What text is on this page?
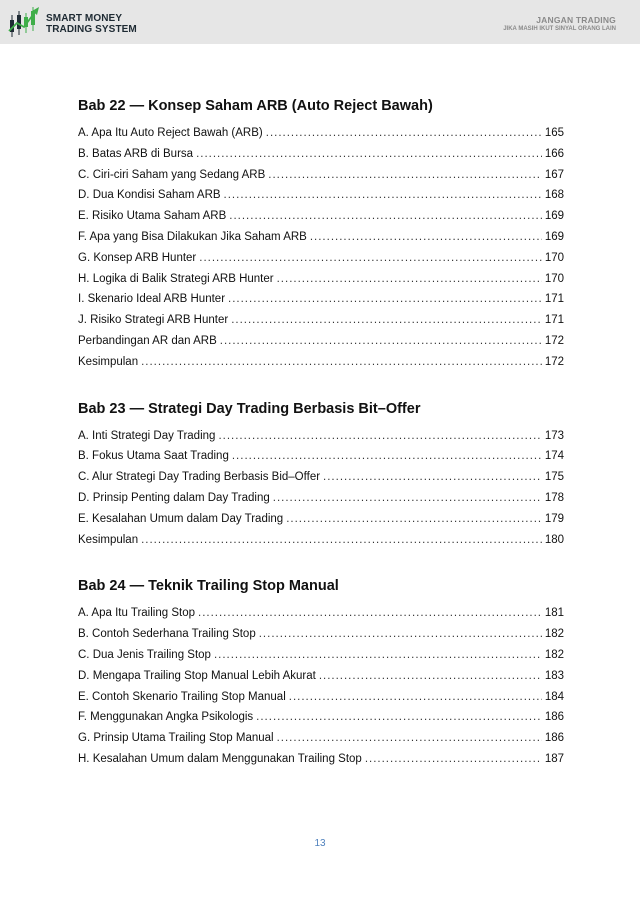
SMART MONEY
TRADING SYSTEM
JANGAN TRADING
JIKA MASIH IKUT SINYAL ORANG LAIN
Bab 22 — Konsep Saham ARB (Auto Reject Bawah)
A. Apa Itu Auto Reject Bawah (ARB) .....	165
B. Batas ARB di Bursa .....	166
C. Ciri-ciri Saham yang Sedang ARB .....	167
D. Dua Kondisi Saham ARB .....	168
E. Risiko Utama Saham ARB .....	169
F. Apa yang Bisa Dilakukan Jika Saham ARB .....	169
G. Konsep ARB Hunter .....	170
H. Logika di Balik Strategi ARB Hunter .....	170
I. Skenario Ideal ARB Hunter .....	171
J. Risiko Strategi ARB Hunter .....	171
Perbandingan AR dan ARB .....	172
Kesimpulan .....	172
Bab 23 — Strategi Day Trading Berbasis Bit–Offer
A. Inti Strategi Day Trading .....	173
B. Fokus Utama Saat Trading .....	174
C. Alur Strategi Day Trading Berbasis Bid–Offer .....	175
D. Prinsip Penting dalam Day Trading .....	178
E. Kesalahan Umum dalam Day Trading .....	179
Kesimpulan .....	180
Bab 24 — Teknik Trailing Stop Manual
A. Apa Itu Trailing Stop .....	181
B. Contoh Sederhana Trailing Stop .....	182
C. Dua Jenis Trailing Stop .....	182
D. Mengapa Trailing Stop Manual Lebih Akurat .....	183
E. Contoh Skenario Trailing Stop Manual .....	184
F. Menggunakan Angka Psikologis .....	186
G. Prinsip Utama Trailing Stop Manual .....	186
H. Kesalahan Umum dalam Menggunakan Trailing Stop .....	187
13
